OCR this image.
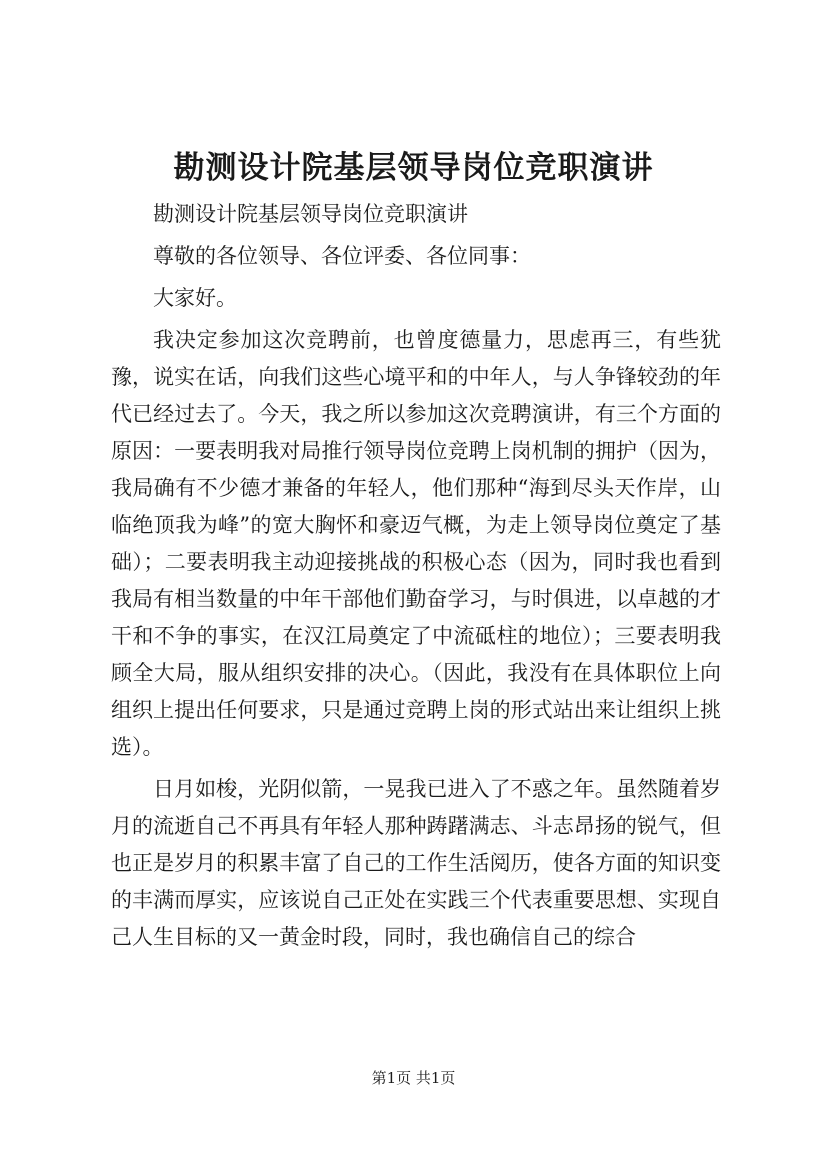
勘测设计院基层领导岗位竞职演讲

勘测设计院基层领导岗位竞职演讲

尊敬的各位领导、各位评委、各位同事：

大家好。

我决定参加这次竞聘前，也曾度德量力，思虑再三，有些犹豫，说实在话，向我们这些心境平和的中年人，与人争锋较劲的年代已经过去了。今天，我之所以参加这次竞聘演讲，有三个方面的原因：一要表明我对局推行领导岗位竞聘上岗机制的拥护（因为，我局确有不少德才兼备的年轻人，他们那种“海到尽头天作岸，山临绝顶我为峰”的宽大胸怀和豪迈气概，为走上领导岗位奠定了基础）；二要表明我主动迎接挑战的积极心态（因为，同时我也看到我局有相当数量的中年干部他们勤奋学习，与时俱进，以卓越的才干和不争的事实，在汉江局奠定了中流砥柱的地位）；三要表明我顾全大局，服从组织安排的决心。（因此，我没有在具体职位上向组织上提出任何要求，只是通过竞聘上岗的形式站出来让组织上挑选）。

日月如梭，光阴似箭，一晃我已进入了不惑之年。虽然随着岁月的流逝自己不再具有年轻人那种踌躇满志、斗志昂扬的锐气，但也正是岁月的积累丰富了自己的工作生活阅历，使各方面的知识变的丰满而厚实，应该说自己正处在实践三个代表重要思想、实现自己人生目标的又一黄金时段，同时，我也确信自己的综合

第1页 共1页
